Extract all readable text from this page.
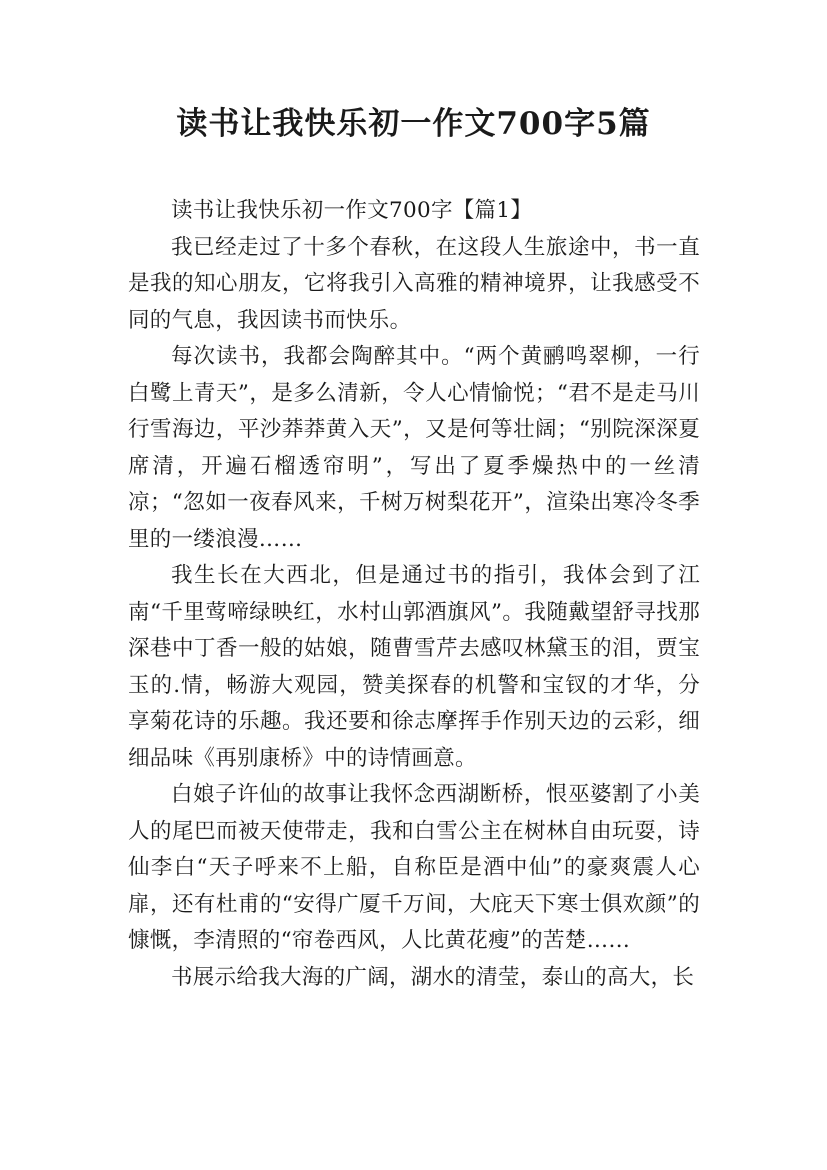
读书让我快乐初一作文700字5篇

读书让我快乐初一作文700字【篇1】

我已经走过了十多个春秋，在这段人生旅途中，书一直是我的知心朋友，它将我引入高雅的精神境界，让我感受不同的气息，我因读书而快乐。

每次读书，我都会陶醉其中。“两个黄鹂鸣翠柳，一行白鹭上青天”，是多么清新，令人心情愉悦；“君不是走马川行雪海边，平沙莽莽黄入天”，又是何等壮阔；“别院深深夏席清，开遍石榴透帘明”，写出了夏季燥热中的一丝清凉；“忽如一夜春风来，千树万树梨花开”，渲染出寒冷冬季里的一缕浪漫……

我生长在大西北，但是通过书的指引，我体会到了江南“千里莺啼绿映红，水村山郭酒旗风”。我随戴望舒寻找那深巷中丁香一般的姑娘，随曹雪芹去感叹林黛玉的泪，贾宝玉的.情，畅游大观园，赞美探春的机警和宝钗的才华，分享菊花诗的乐趣。我还要和徐志摩挥手作别天边的云彩，细细品味《再别康桥》中的诗情画意。

白娘子许仙的故事让我怀念西湖断桥，恨巫婆割了小美人的尾巴而被天使带走，我和白雪公主在树林自由玩耍，诗仙李白“天子呼来不上船，自称臣是酒中仙”的豪爽震人心扉，还有杜甫的“安得广厦千万间，大庇天下寒士俱欢颜”的慷慨，李清照的“帘卷西风，人比黄花瘦”的苦楚……

书展示给我大海的广阔，湖水的清莹，泰山的高大，长
